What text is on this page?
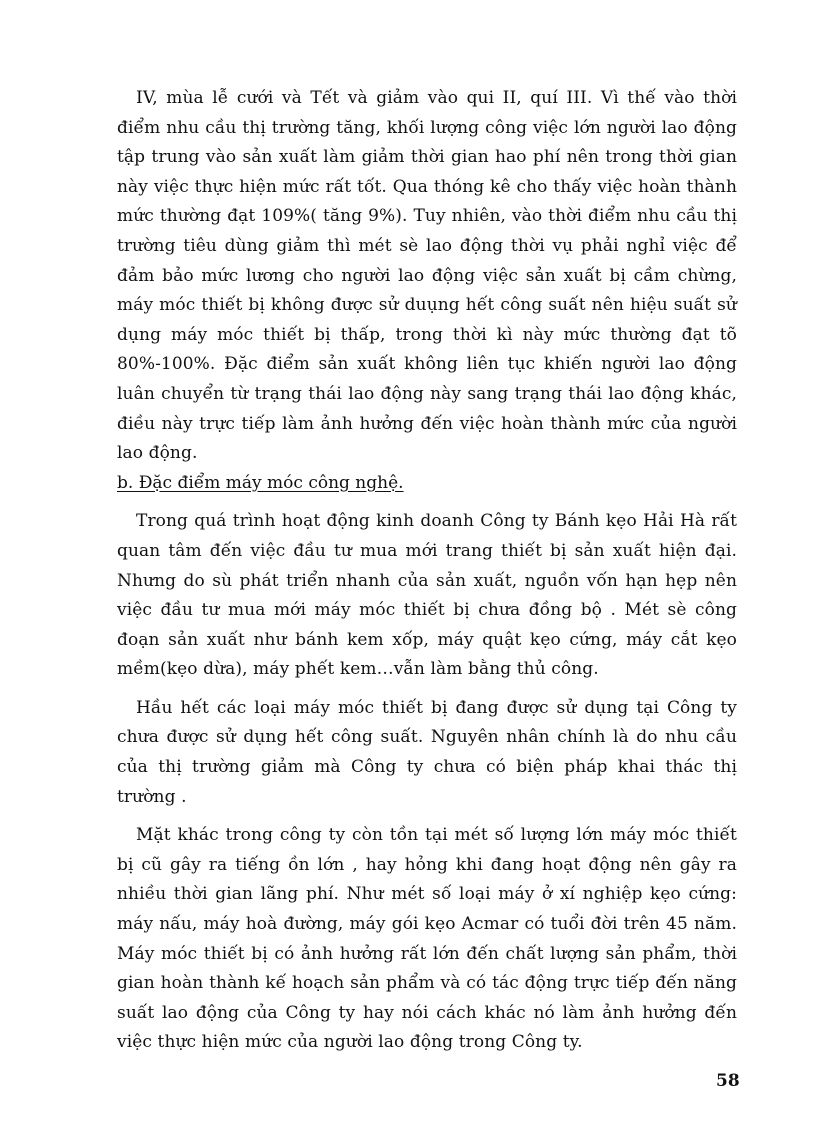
IV, mùa lễ cưới và Tết và giảm vào qui II, quí III. Vì thế vào thời điểm nhu cầu thị trường tăng, khối lượng công việc lớn người lao động tập trung vào sản xuất làm giảm thời gian hao phí nên trong thời gian này việc thực hiện mức rất tốt. Qua thóng kê cho thấy việc hoàn thành mức thường đạt 109%( tăng 9%). Tuy nhiên, vào thời điểm nhu cầu thị trường tiêu dùng giảm thì mét sè lao động thời vụ phải nghỉ việc để đảm bảo mức lương cho người lao động việc sản xuất bị cầm chừng, máy móc thiết bị không được sử duụng hết công suất nên hiệu suất sử dụng máy móc thiết bị thấp, trong thời kì này mức thường đạt tõ 80%-100%. Đặc điểm sản xuất không liên tục khiến người lao động luân chuyển từ trạng thái lao động này sang trạng thái lao động khác, điều này trực tiếp làm ảnh hưởng đến việc hoàn thành mức của người lao động.

b. Đặc điểm máy móc công nghệ.

Trong quá trình hoạt động kinh doanh Công ty Bánh kẹo Hải Hà rất quan tâm đến việc đầu tư mua mới trang thiết bị sản xuất hiện đại. Nhưng do sù phát triển nhanh của sản xuất, nguồn vốn hạn hẹp nên việc đầu tư mua mới máy móc thiết bị chưa đồng bộ . Mét sè công đoạn sản xuất như bánh kem xốp, máy quật kẹo cứng, máy cắt kẹo mềm(kẹo dừa), máy phết kem…vẫn làm bằng thủ công.

Hầu hết các loại máy móc thiết bị đang được sử dụng tại Công ty chưa được sử dụng hết công suất. Nguyên nhân chính là do nhu cầu của thị trường giảm mà Công ty chưa có biện pháp khai thác thị trường .

Mặt khác trong công ty còn tồn tại mét số lượng lớn máy móc thiết bị cũ gây ra tiếng ồn lớn , hay hỏng khi đang hoạt động nên gây ra nhiều thời gian lãng phí. Như mét số loại máy ở xí nghiệp kẹo cứng: máy nấu, máy hoà đường, máy gói kẹo Acmar có tuổi đời trên 45 năm. Máy móc thiết bị có ảnh hưởng rất lớn đến chất lượng sản phẩm, thời gian hoàn thành kế hoạch sản phẩm và có tác động trực tiếp đến năng suất lao động của Công ty hay nói cách khác nó làm ảnh hưởng đến việc thực hiện mức của người lao động trong Công ty.

58
